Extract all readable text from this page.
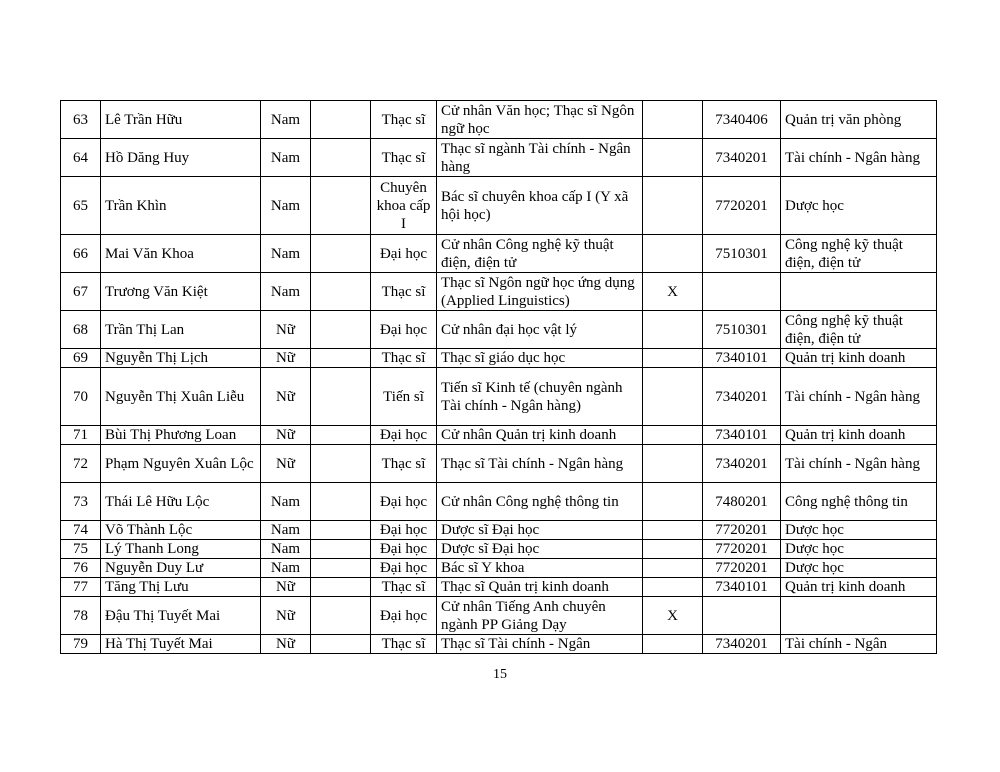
63	Lê Trần Hữu	Nam		Thạc sĩ	Cử nhân Văn học; Thạc sĩ Ngôn ngữ học		7340406	Quản trị văn phòng
64	Hồ Dăng Huy	Nam		Thạc sĩ	Thạc sĩ ngành Tài chính - Ngân hàng		7340201	Tài chính - Ngân hàng
65	Trần Khìn	Nam		Chuyên khoa cấp I	Bác sĩ chuyên khoa cấp I (Y xã hội học)		7720201	Dược học
66	Mai Văn Khoa	Nam		Đại học	Cử nhân Công nghệ kỹ thuật điện, điện tử		7510301	Công nghệ kỹ thuật điện, điện tử
67	Trương Văn Kiệt	Nam		Thạc sĩ	Thạc sĩ Ngôn ngữ học ứng dụng (Applied Linguistics)	X		
68	Trần Thị Lan	Nữ		Đại học	Cử nhân đại học vật lý		7510301	Công nghệ kỹ thuật điện, điện tử
69	Nguyễn Thị Lịch	Nữ		Thạc sĩ	Thạc sĩ giáo dục học		7340101	Quản trị kinh doanh
70	Nguyễn Thị Xuân Liễu	Nữ		Tiến sĩ	Tiến sĩ Kinh tế (chuyên ngành Tài chính - Ngân hàng)		7340201	Tài chính - Ngân hàng
71	Bùi Thị Phương Loan	Nữ		Đại học	Cử nhân Quản trị kinh doanh		7340101	Quản trị kinh doanh
72	Phạm Nguyên Xuân Lộc	Nữ		Thạc sĩ	Thạc sĩ Tài chính - Ngân hàng		7340201	Tài chính - Ngân hàng
73	Thái Lê Hữu Lộc	Nam		Đại học	Cử nhân Công nghệ thông tin		7480201	Công nghệ thông tin
74	Võ Thành Lộc	Nam		Đại học	Dược sĩ Đại học		7720201	Dược học
75	Lý Thanh Long	Nam		Đại học	Dược sĩ Đại học		7720201	Dược học
76	Nguyễn Duy Lư	Nam		Đại học	Bác sĩ Y khoa		7720201	Dược học
77	Tăng Thị Lưu	Nữ		Thạc sĩ	Thạc sĩ Quản trị kinh doanh		7340101	Quản trị kinh doanh
78	Đậu Thị Tuyết Mai	Nữ		Đại học	Cử nhân Tiếng Anh chuyên ngành PP Giảng Dạy	X		
79	Hà Thị Tuyết Mai	Nữ		Thạc sĩ	Thạc sĩ Tài chính - Ngân		7340201	Tài chính - Ngân
15
